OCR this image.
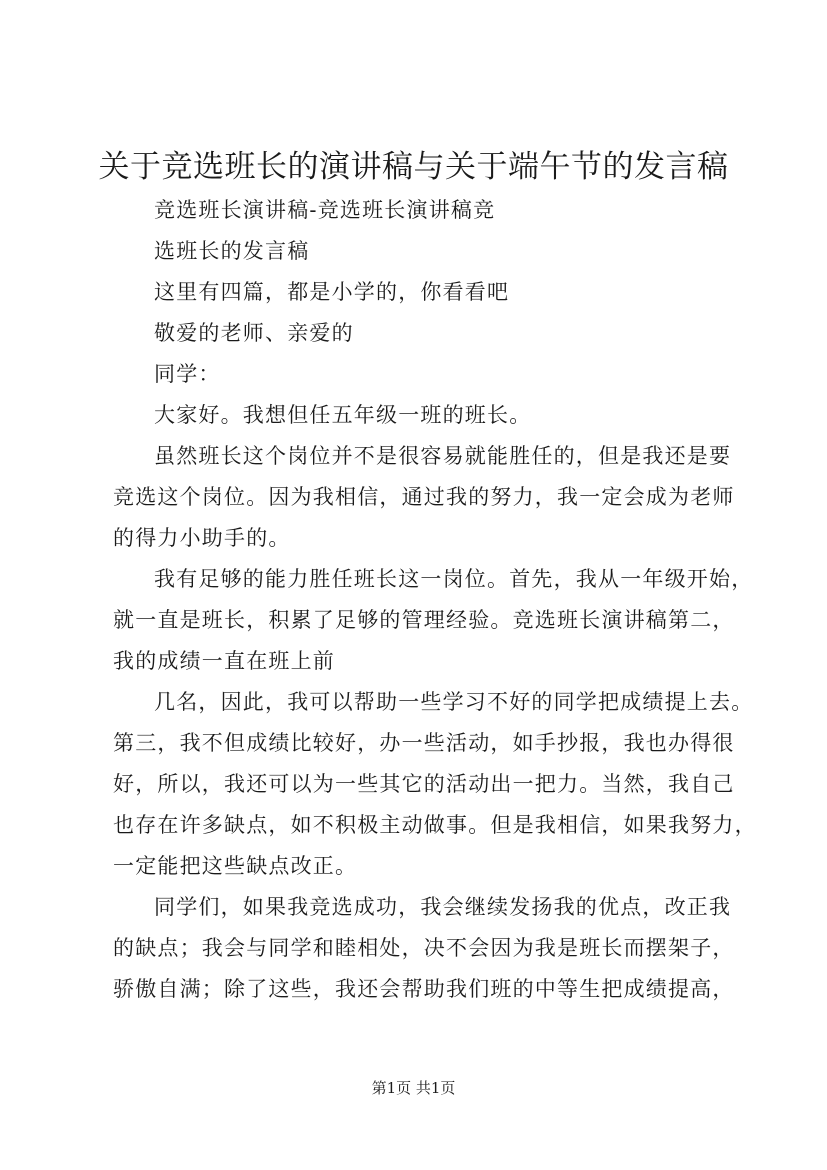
关于竞选班长的演讲稿与关于端午节的发言稿
竞选班长演讲稿-竞选班长演讲稿竞
选班长的发言稿
这里有四篇，都是小学的，你看看吧
敬爱的老师、亲爱的
同学：
大家好。我想但任五年级一班的班长。
虽然班长这个岗位并不是很容易就能胜任的，但是我还是要
竞选这个岗位。因为我相信，通过我的努力，我一定会成为老师
的得力小助手的。
我有足够的能力胜任班长这一岗位。首先，我从一年级开始，
就一直是班长，积累了足够的管理经验。竞选班长演讲稿第二，
我的成绩一直在班上前
几名，因此，我可以帮助一些学习不好的同学把成绩提上去。
第三，我不但成绩比较好，办一些活动，如手抄报，我也办得很
好，所以，我还可以为一些其它的活动出一把力。当然，我自己
也存在许多缺点，如不积极主动做事。但是我相信，如果我努力，
一定能把这些缺点改正。
同学们，如果我竞选成功，我会继续发扬我的优点，改正我
的缺点；我会与同学和睦相处，决不会因为我是班长而摆架子，
骄傲自满；除了这些，我还会帮助我们班的中等生把成绩提高，
第1页 共1页
